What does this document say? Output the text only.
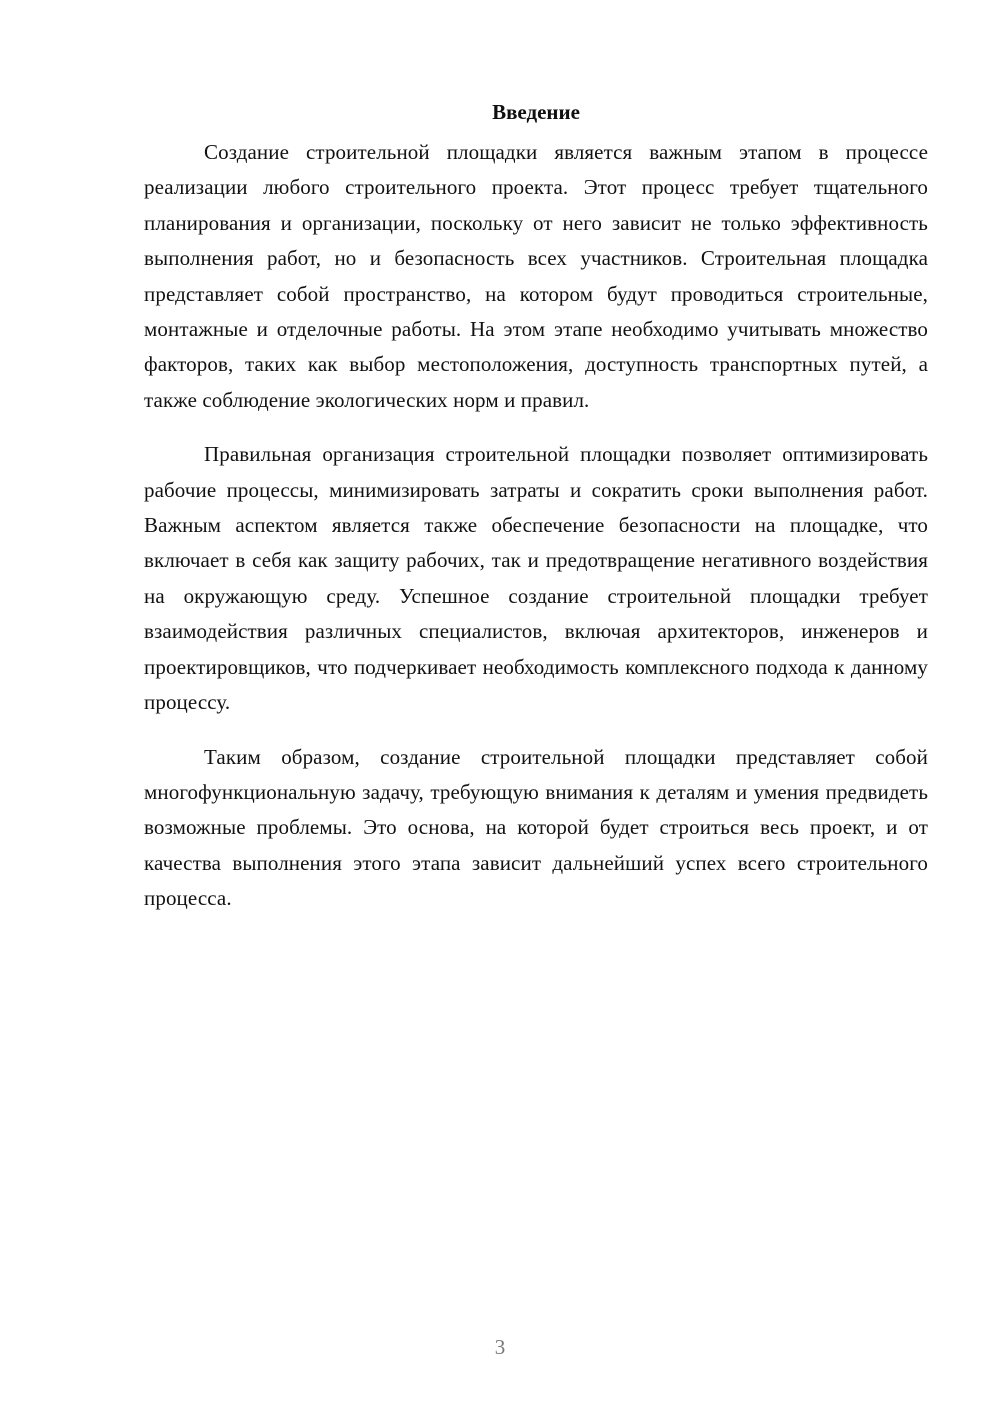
Введение

Создание строительной площадки является важным этапом в процессе реализации любого строительного проекта. Этот процесс требует тщательного планирования и организации, поскольку от него зависит не только эффективность выполнения работ, но и безопасность всех участников. Строительная площадка представляет собой пространство, на котором будут проводиться строительные, монтажные и отделочные работы. На этом этапе необходимо учитывать множество факторов, таких как выбор местоположения, доступность транспортных путей, а также соблюдение экологических норм и правил.

Правильная организация строительной площадки позволяет оптимизировать рабочие процессы, минимизировать затраты и сократить сроки выполнения работ. Важным аспектом является также обеспечение безопасности на площадке, что включает в себя как защиту рабочих, так и предотвращение негативного воздействия на окружающую среду. Успешное создание строительной площадки требует взаимодействия различных специалистов, включая архитекторов, инженеров и проектировщиков, что подчеркивает необходимость комплексного подхода к данному процессу.

Таким образом, создание строительной площадки представляет собой многофункциональную задачу, требующую внимания к деталям и умения предвидеть возможные проблемы. Это основа, на которой будет строиться весь проект, и от качества выполнения этого этапа зависит дальнейший успех всего строительного процесса.

3
